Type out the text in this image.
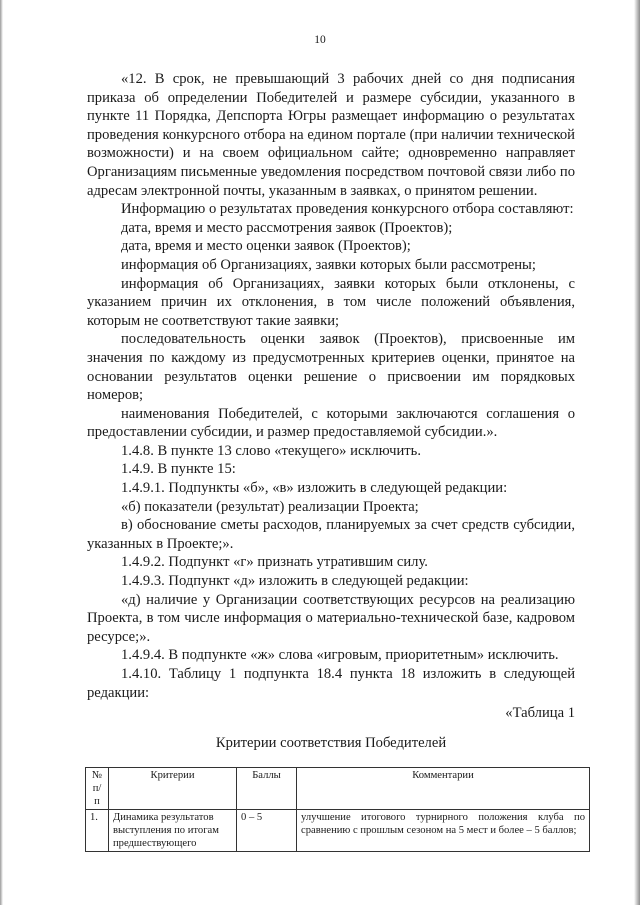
10

«12. В срок, не превышающий 3 рабочих дней со дня подписания приказа об определении Победителей и размере субсидии, указанного в пункте 11 Порядка, Депспорта Югры размещает информацию о результатах проведения конкурсного отбора на едином портале (при наличии технической возможности) и на своем официальном сайте; одновременно направляет Организациям письменные уведомления посредством почтовой связи либо по адресам электронной почты, указанным в заявках, о принятом решении.

Информацию о результатах проведения конкурсного отбора составляют:

дата, время и место рассмотрения заявок (Проектов);

дата, время и место оценки заявок (Проектов);

информация об Организациях, заявки которых были рассмотрены;

информация об Организациях, заявки которых были отклонены, с указанием причин их отклонения, в том числе положений объявления, которым не соответствуют такие заявки;

последовательность оценки заявок (Проектов), присвоенные им значения по каждому из предусмотренных критериев оценки, принятое на основании результатов оценки решение о присвоении им порядковых номеров;

наименования Победителей, с которыми заключаются соглашения о предоставлении субсидии, и размер предоставляемой субсидии.».

1.4.8. В пункте 13 слово «текущего» исключить.

1.4.9. В пункте 15:

1.4.9.1. Подпункты «б», «в» изложить в следующей редакции:

«б) показатели (результат) реализации Проекта;

в) обоснование сметы расходов, планируемых за счет средств субсидии, указанных в Проекте;».

1.4.9.2. Подпункт «г» признать утратившим силу.

1.4.9.3. Подпункт «д» изложить в следующей редакции:

«д) наличие у Организации соответствующих ресурсов на реализацию Проекта, в том числе информация о материально-технической базе, кадровом ресурсе;».

1.4.9.4. В подпункте «ж» слова «игровым, приоритетным» исключить.

1.4.10. Таблицу 1 подпункта 18.4 пункта 18 изложить в следующей редакции:

«Таблица 1

Критерии соответствия Победителей

№ п/п	Критерии	Баллы	Комментарии
1.	Динамика результатов выступления по итогам предшествующего	0 – 5	улучшение итогового турнирного положения клуба по сравнению с прошлым сезоном на 5 мест и более – 5 баллов;
